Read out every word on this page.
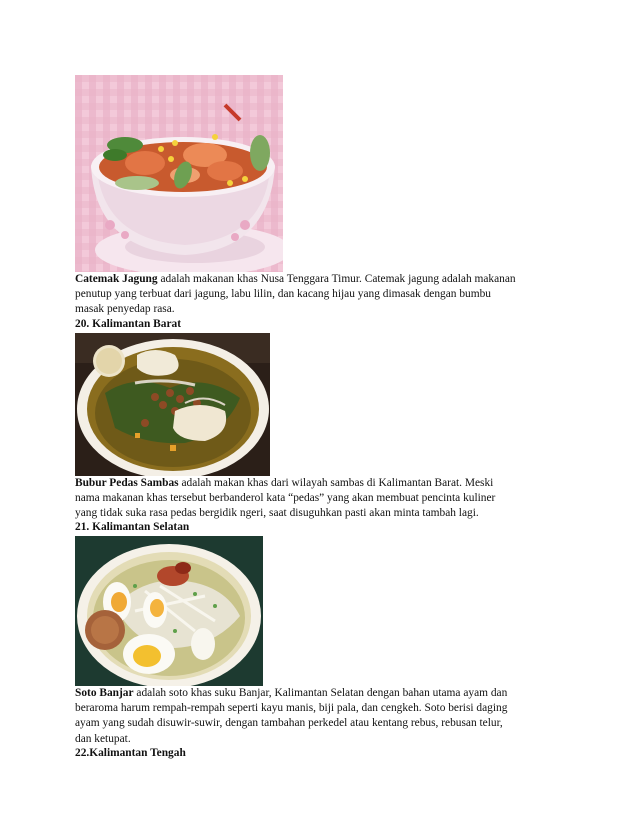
Catemak Jagung adalah makanan khas Nusa Tenggara Timur. Catemak jagung adalah makanan
penutup yang terbuat dari jagung, labu lilin, dan kacang hijau yang dimasak dengan bumbu
masak penyedap rasa.
20. Kalimantan Barat
Bubur Pedas Sambas adalah makan khas dari wilayah sambas di Kalimantan Barat. Meski
nama makanan khas tersebut berbanderol kata “pedas” yang akan membuat pencinta kuliner
yang tidak suka rasa pedas bergidik ngeri, saat disuguhkan pasti akan minta tambah lagi.
21. Kalimantan Selatan
Soto Banjar adalah soto khas suku Banjar, Kalimantan Selatan dengan bahan utama ayam dan
beraroma harum rempah-rempah seperti kayu manis, biji pala, dan cengkeh. Soto berisi daging
ayam yang sudah disuwir-suwir, dengan tambahan perkedel atau kentang rebus, rebusan telur,
dan ketupat.
22.Kalimantan Tengah
